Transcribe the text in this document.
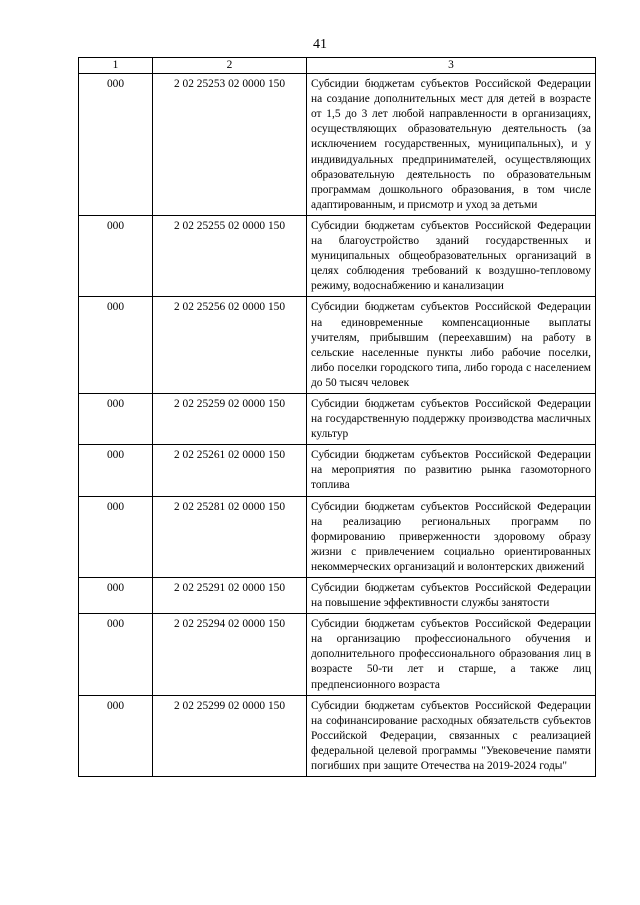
41
1	2	3
000	2 02 25253 02 0000 150	Субсидии бюджетам субъектов Российской Федерации на создание дополнительных мест для детей в возрасте от 1,5 до 3 лет любой направленности в организациях, осуществляющих образовательную деятельность (за исключением государственных, муниципальных), и у индивидуальных предпринимателей, осуществляющих образовательную деятельность по образовательным программам дошкольного образования, в том числе адаптированным, и присмотр и уход за детьми
000	2 02 25255 02 0000 150	Субсидии бюджетам субъектов Российской Федерации на благоустройство зданий государственных и муниципальных общеобразовательных организаций в целях соблюдения требований к воздушно-тепловому режиму, водоснабжению и канализации
000	2 02 25256 02 0000 150	Субсидии бюджетам субъектов Российской Федерации на единовременные компенсационные выплаты учителям, прибывшим (переехавшим) на работу в сельские населенные пункты либо рабочие поселки, либо поселки городского типа, либо города с населением до 50 тысяч человек
000	2 02 25259 02 0000 150	Субсидии бюджетам субъектов Российской Федерации на государственную поддержку производства масличных культур
000	2 02 25261 02 0000 150	Субсидии бюджетам субъектов Российской Федерации на мероприятия по развитию рынка газомоторного топлива
000	2 02 25281 02 0000 150	Субсидии бюджетам субъектов Российской Федерации на реализацию региональных программ по формированию приверженности здоровому образу жизни с привлечением социально ориентированных некоммерческих организаций и волонтерских движений
000	2 02 25291 02 0000 150	Субсидии бюджетам субъектов Российской Федерации на повышение эффективности службы занятости
000	2 02 25294 02 0000 150	Субсидии бюджетам субъектов Российской Федерации на организацию профессионального обучения и дополнительного профессионального образования лиц в возрасте 50-ти лет и старше, а также лиц предпенсионного возраста
000	2 02 25299 02 0000 150	Субсидии бюджетам субъектов Российской Федерации на софинансирование расходных обязательств субъектов Российской Федерации, связанных с реализацией федеральной целевой программы "Увековечение памяти погибших при защите Отечества на 2019-2024 годы"
